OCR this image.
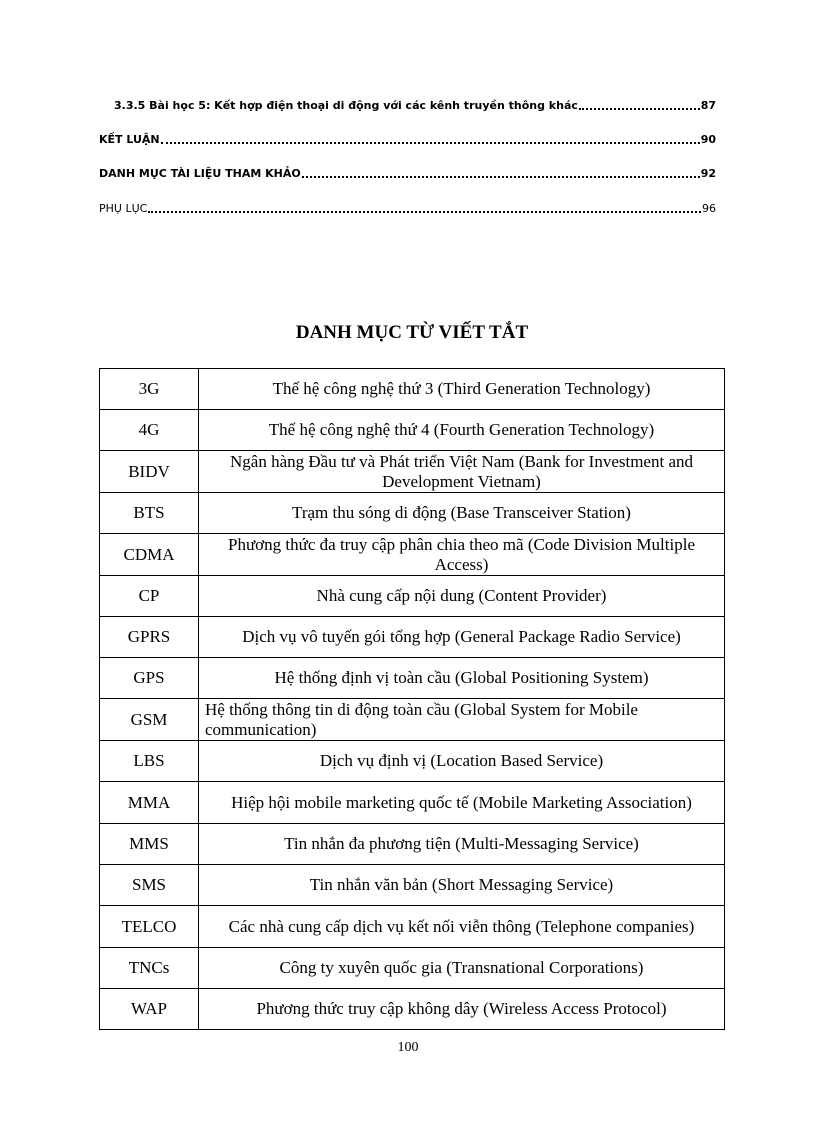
3.3.5 Bài học 5: Kết hợp điện thoại di động với các kênh truyền thông khác	87
KẾT LUẬN	90
DANH MỤC TÀI LIỆU THAM KHẢO	92
PHỤ LỤC	96
DANH MỤC TỪ VIẾT TẮT
3G	Thế hệ công nghệ thứ 3 (Third Generation Technology)
4G	Thế hệ công nghệ thứ 4 (Fourth Generation Technology)
BIDV	Ngân hàng Đầu tư và Phát triển Việt Nam (Bank for Investment and Development Vietnam)
BTS	Trạm thu sóng di động (Base Transceiver Station)
CDMA	Phương thức đa truy cập phân chia theo mã (Code Division Multiple Access)
CP	Nhà cung cấp nội dung (Content Provider)
GPRS	Dịch vụ vô tuyến gói tổng hợp (General Package Radio Service)
GPS	Hệ thống định vị toàn cầu (Global Positioning System)
GSM	Hệ thống thông tin di động toàn cầu (Global System for Mobile communication)
LBS	Dịch vụ định vị (Location Based Service)
MMA	Hiệp hội mobile marketing quốc tế (Mobile Marketing Association)
MMS	Tin nhắn đa phương tiện (Multi-Messaging Service)
SMS	Tin nhắn văn bản (Short Messaging Service)
TELCO	Các nhà cung cấp dịch vụ kết nối viễn thông (Telephone companies)
TNCs	Công ty xuyên quốc gia (Transnational Corporations)
WAP	Phương thức truy cập không dây (Wireless Access Protocol)
100
